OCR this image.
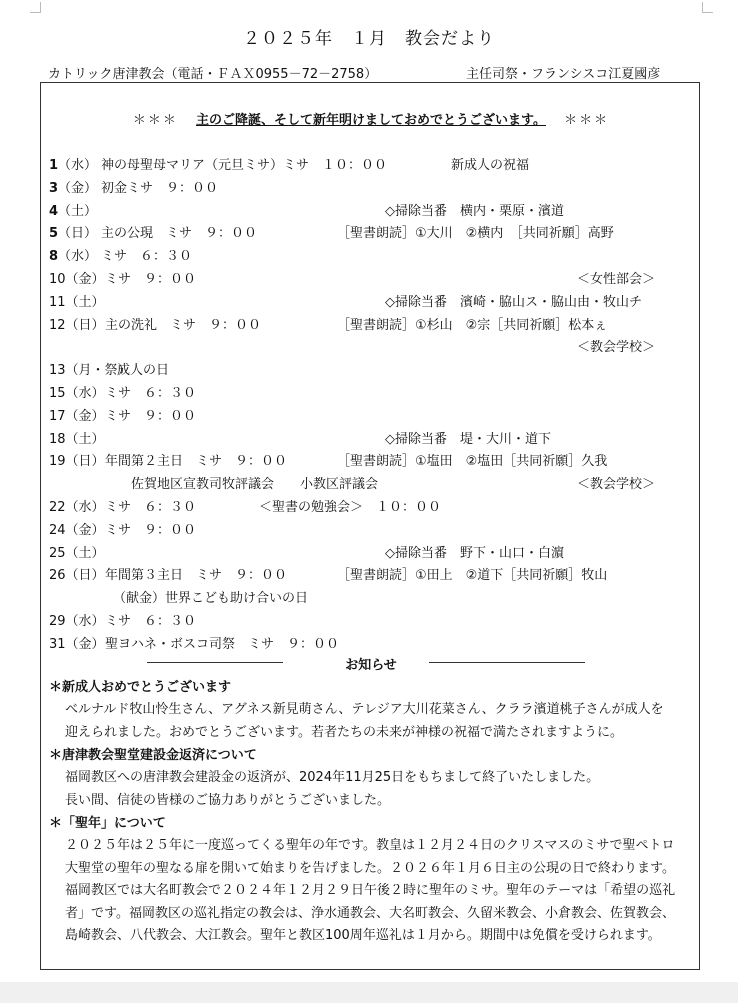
２０２５年　１月　教会だより
カトリック唐津教会（電話・ＦＡＸ0955－72－2758）	主任司祭・フランシスコ江夏國彦
＊＊＊ 主のご降誕、そして新年明けましておめでとうございます。 ＊＊＊
1（水） 神の母聖母マリア（元旦ミサ）ミサ　１０：００	新成人の祝福
3（金） 初金ミサ　９：００
4（土）	◇掃除当番　横内・栗原・濱道
5（日） 主の公現　ミサ　９：００	［聖書朗読］①大川　②横内　［共同祈願］高野
8（水） ミサ　６：３０
10（金） ミサ　９：００	＜女性部会＞
11（土）	◇掃除当番　濱崎・脇山ス・脇山由・牧山チ
12（日） 主の洗礼　ミサ　９：００	［聖書朗読］①杉山　②宗［共同祈願］松本ぇ
＜教会学校＞
13（月・祭）
成人の日
15（水） ミサ　６：３０
17（金） ミサ　９：００
18（土）	◇掃除当番　堤・大川・道下
19（日） 年間第２主日　ミサ　９：００	［聖書朗読］①塩田　②塩田［共同祈願］久我
佐賀地区宣教司牧評議会　　小教区評議会	＜教会学校＞
22（水） ミサ　６：３０	＜聖書の勉強会＞　１０：００
24（金） ミサ　９：００
25（土）	◇掃除当番　野下・山口・白濵
26（日） 年間第３主日　ミサ　９：００	［聖書朗読］①田上　②道下［共同祈願］牧山
（献金）世界こども助け合いの日
29（水） ミサ　６：３０
31（金） 聖ヨハネ・ボスコ司祭　ミサ　９：００
お知らせ
＊新成人おめでとうございます
ベルナルド牧山怜生さん、アグネス新見萌さん、テレジア大川花菜さん、クララ濱道桃子さんが成人を
迎えられました。おめでとうございます。若者たちの未来が神様の祝福で満たされますように。
＊唐津教会聖堂建設金返済について
福岡教区への唐津教会建設金の返済が、2024年11月25日をもちまして終了いたしました。
長い間、信徒の皆様のご協力ありがとうございました。
＊「聖年」について
２０２５年は２５年に一度巡ってくる聖年の年です。教皇は１２月２４日のクリスマスのミサで聖ペトロ
大聖堂の聖年の聖なる扉を開いて始まりを告げました。２０２６年１月６日主の公現の日で終わります。
福岡教区では大名町教会で２０２４年１２月２９日午後２時に聖年のミサ。聖年のテーマは「希望の巡礼
者」です。福岡教区の巡礼指定の教会は、浄水通教会、大名町教会、久留米教会、小倉教会、佐賀教会、
島崎教会、八代教会、大江教会。聖年と教区100周年巡礼は１月から。期間中は免償を受けられます。
